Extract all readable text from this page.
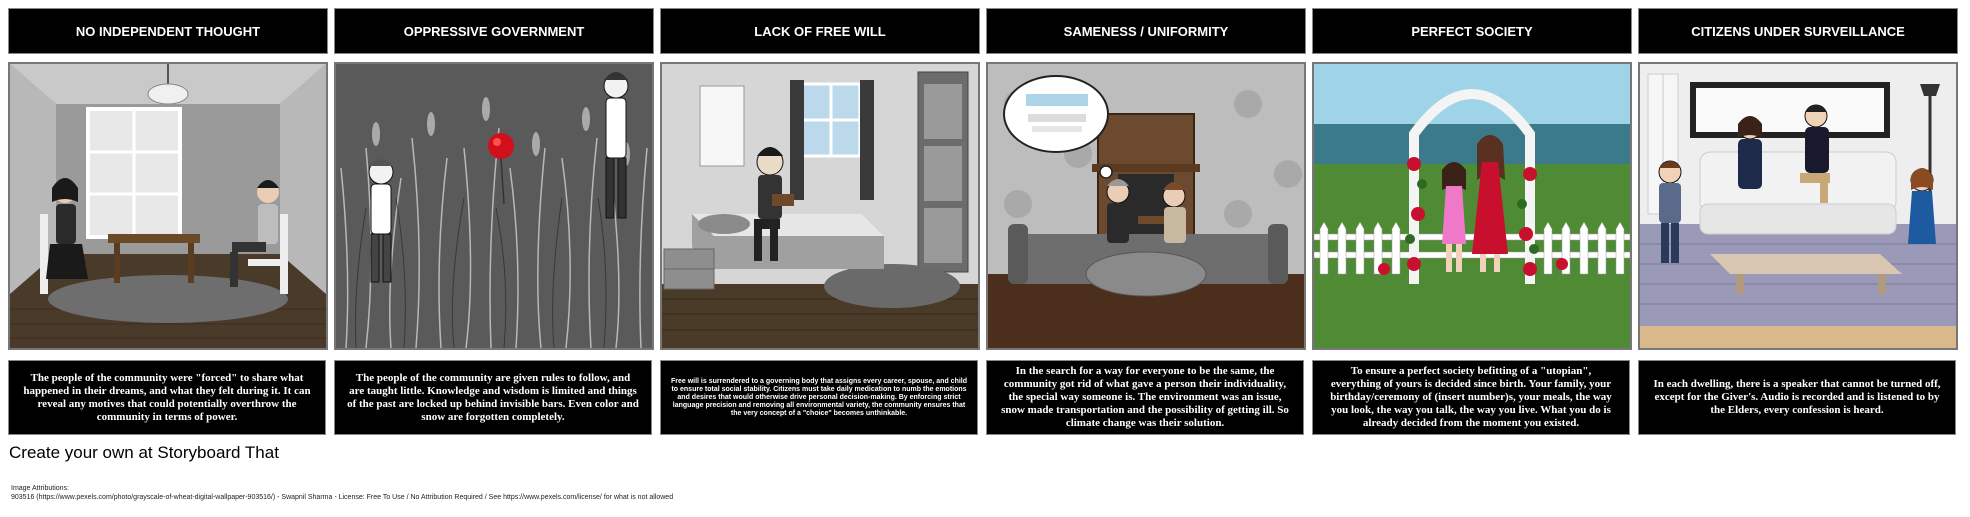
NO INDEPENDENT THOUGHT
The people of the community were "forced" to share what happened in their dreams, and what they felt during it. It can reveal any motives that could potentially overthrow the community in terms of power.
OPPRESSIVE GOVERNMENT
The people of the community are given rules to follow, and are taught little. Knowledge and wisdom is limited and things of the past are locked up behind invisible bars. Even color and snow are forgotten completely.
LACK OF FREE WILL
Free will is surrendered to a governing body that assigns every career, spouse, and child to ensure total social stability. Citizens must take daily medication to numb the emotions and desires that would otherwise drive personal decision-making. By enforcing strict language precision and removing all environmental variety, the community ensures that the very concept of a "choice" becomes unthinkable.
SAMENESS / UNIFORMITY
In the search for a way for everyone to be the same, the community got rid of what gave a person their individuality, the special way someone is. The environment was an issue, snow made transportation and the possibility of getting ill. So climate change was their solution.
PERFECT SOCIETY
To ensure a perfect society befitting of a "utopian", everything of yours is decided since birth. Your family, your birthday/ceremony of (insert number)s, your meals, the way you look, the way you talk, the way you live. What you do is already decided from the moment you existed.
CITIZENS UNDER SURVEILLANCE
In each dwelling, there is a speaker that cannot be turned off, except for the Giver's. Audio is recorded and is listened to by the Elders, every confession is heard.
Create your own at Storyboard That
Image Attributions:
903516 (https://www.pexels.com/photo/grayscale-of-wheat-digital-wallpaper-903516/) - Swapnil Sharma - License: Free To Use / No Attribution Required / See https://www.pexels.com/license/ for what is not allowed
